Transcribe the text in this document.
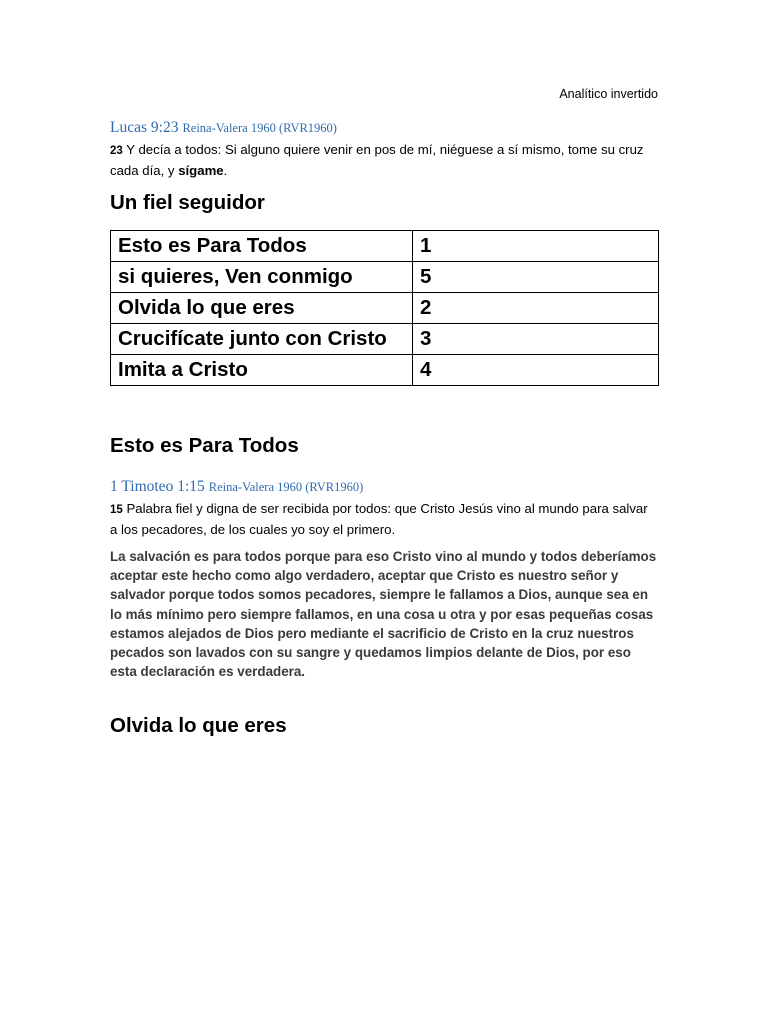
Analítico invertido
Lucas 9:23 Reina-Valera 1960 (RVR1960)
23 Y decía a todos: Si alguno quiere venir en pos de mí, niéguese a sí mismo, tome su cruz cada día, y sígame.
Un fiel seguidor
Esto es Para Todos	1
si quieres, Ven conmigo	5
Olvida lo que eres	2
Crucifícate junto con Cristo	3
Imita a Cristo	4
Esto es Para Todos
1 Timoteo 1:15 Reina-Valera 1960 (RVR1960)
15 Palabra fiel y digna de ser recibida por todos: que Cristo Jesús vino al mundo para salvar a los pecadores, de los cuales yo soy el primero.
La salvación es para todos porque para eso Cristo vino al mundo y todos deberíamos aceptar este hecho como algo verdadero, aceptar que Cristo es nuestro señor y salvador porque todos somos pecadores, siempre le fallamos a Dios, aunque sea en lo más mínimo pero siempre fallamos, en una cosa u otra y por esas pequeñas cosas estamos alejados de Dios pero mediante el sacrificio de Cristo en la cruz nuestros pecados son lavados con su sangre y quedamos limpios delante de Dios, por eso esta declaración es verdadera.
Olvida lo que eres
